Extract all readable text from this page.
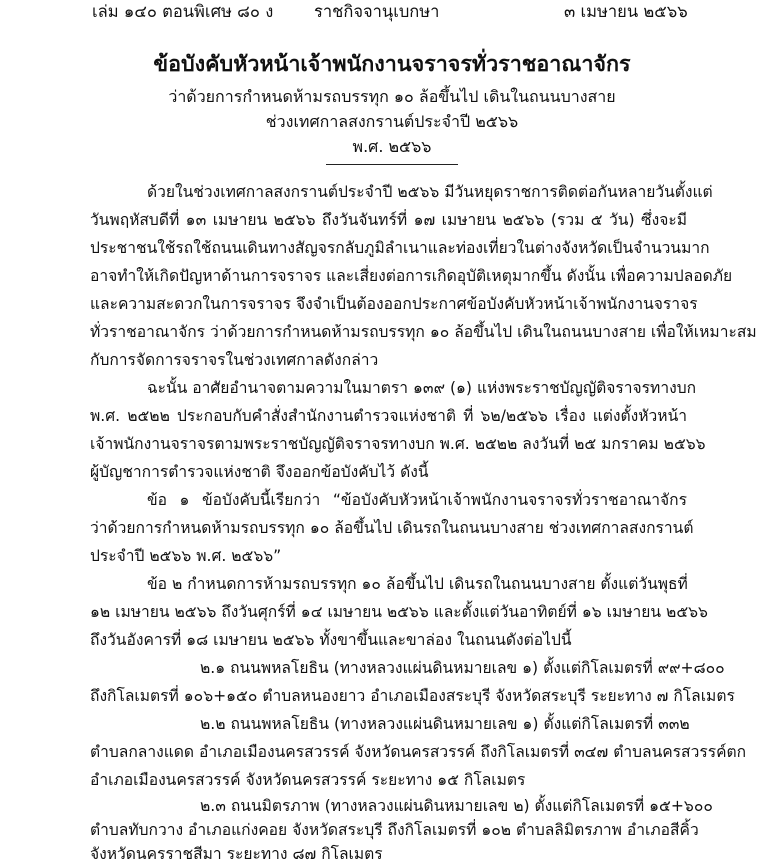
เล่ม ๑๔๐ ตอนพิเศษ ๘๐ ง ราชกิจจานุเบกษา	๓ เมษายน ๒๕๖๖
ข้อบังคับหัวหน้าเจ้าพนักงานจราจรทั่วราชอาณาจักร
ว่าด้วยการกำหนดห้ามรถบรรทุก ๑๐ ล้อขึ้นไป เดินในถนนบางสาย
ช่วงเทศกาลสงกรานต์ประจำปี ๒๕๖๖
พ.ศ. ๒๕๖๖
ด้วยในช่วงเทศกาลสงกรานต์ประจำปี ๒๕๖๖ มีวันหยุดราชการติดต่อกันหลายวันตั้งแต่
วันพฤหัสบดีที่ ๑๓ เมษายน ๒๕๖๖ ถึงวันจันทร์ที่ ๑๗ เมษายน ๒๕๖๖ (รวม ๕ วัน) ซึ่งจะมี
ประชาชนใช้รถใช้ถนนเดินทางสัญจรกลับภูมิลำเนาและท่องเที่ยวในต่างจังหวัดเป็นจำนวนมาก
อาจทำให้เกิดปัญหาด้านการจราจร และเสี่ยงต่อการเกิดอุบัติเหตุมากขึ้น ดังนั้น เพื่อความปลอดภัย
และความสะดวกในการจราจร จึงจำเป็นต้องออกประกาศข้อบังคับหัวหน้าเจ้าพนักงานจราจร
ทั่วราชอาณาจักร ว่าด้วยการกำหนดห้ามรถบรรทุก ๑๐ ล้อขึ้นไป เดินในถนนบางสาย เพื่อให้เหมาะสม
กับการจัดการจราจรในช่วงเทศกาลดังกล่าว
ฉะนั้น อาศัยอำนาจตามความในมาตรา ๑๓๙ (๑) แห่งพระราชบัญญัติจราจรทางบก
พ.ศ. ๒๕๒๒ ประกอบกับคำสั่งสำนักงานตำรวจแห่งชาติ ที่ ๖๒/๒๕๖๖ เรื่อง แต่งตั้งหัวหน้า
เจ้าพนักงานจราจรตามพระราชบัญญัติจราจรทางบก พ.ศ. ๒๕๒๒ ลงวันที่ ๒๕ มกราคม ๒๕๖๖
ผู้บัญชาการตำรวจแห่งชาติ จึงออกข้อบังคับไว้ ดังนี้
ข้อ ๑ ข้อบังคับนี้เรียกว่า “ข้อบังคับหัวหน้าเจ้าพนักงานจราจรทั่วราชอาณาจักร
ว่าด้วยการกำหนดห้ามรถบรรทุก ๑๐ ล้อขึ้นไป เดินรถในถนนบางสาย ช่วงเทศกาลสงกรานต์
ประจำปี ๒๕๖๖ พ.ศ. ๒๕๖๖”
ข้อ ๒ กำหนดการห้ามรถบรรทุก ๑๐ ล้อขึ้นไป เดินรถในถนนบางสาย ตั้งแต่วันพุธที่
๑๒ เมษายน ๒๕๖๖ ถึงวันศุกร์ที่ ๑๔ เมษายน ๒๕๖๖ และตั้งแต่วันอาทิตย์ที่ ๑๖ เมษายน ๒๕๖๖
ถึงวันอังคารที่ ๑๘ เมษายน ๒๕๖๖ ทั้งขาขึ้นและขาล่อง ในถนนดังต่อไปนี้
๒.๑ ถนนพหลโยธิน (ทางหลวงแผ่นดินหมายเลข ๑) ตั้งแต่กิโลเมตรที่ ๙๙+๘๐๐
ถึงกิโลเมตรที่ ๑๐๖+๑๕๐ ตำบลหนองยาว อำเภอเมืองสระบุรี จังหวัดสระบุรี ระยะทาง ๗ กิโลเมตร
๒.๒ ถนนพหลโยธิน (ทางหลวงแผ่นดินหมายเลข ๑) ตั้งแต่กิโลเมตรที่ ๓๓๒
ตำบลกลางแดด อำเภอเมืองนครสวรรค์ จังหวัดนครสวรรค์ ถึงกิโลเมตรที่ ๓๔๗ ตำบลนครสวรรค์ตก
อำเภอเมืองนครสวรรค์ จังหวัดนครสวรรค์ ระยะทาง ๑๕ กิโลเมตร
๒.๓ ถนนมิตรภาพ (ทางหลวงแผ่นดินหมายเลข ๒) ตั้งแต่กิโลเมตรที่ ๑๕+๖๐๐
ตำบลทับกวาง อำเภอแก่งคอย จังหวัดสระบุรี ถึงกิโลเมตรที่ ๑๐๒ ตำบลลิมิตรภาพ อำเภอสีคิ้ว
จังหวัดนครราชสีมา ระยะทาง ๘๗ กิโลเมตร
